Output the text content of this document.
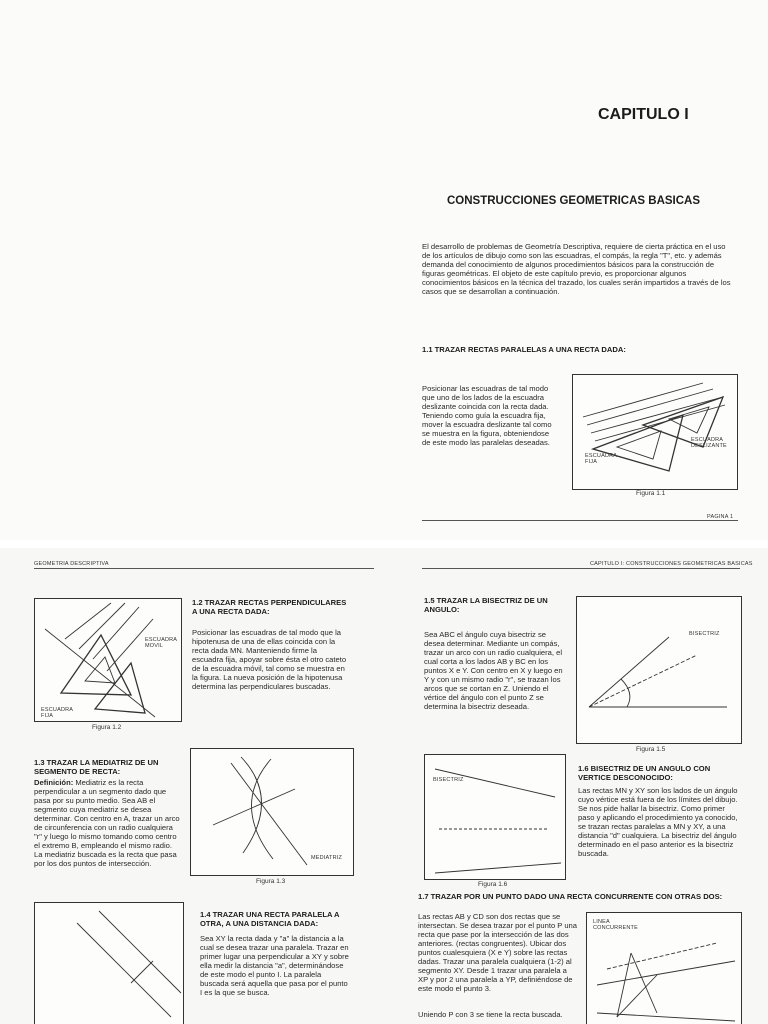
CAPITULO I
CONSTRUCCIONES GEOMETRICAS BASICAS
El desarrollo de problemas de Geometría Descriptiva, requiere de cierta práctica en el uso de los artículos de dibujo como son las escuadras, el compás, la regla "T", etc. y además demanda del conocimiento de algunos procedimientos básicos para la construcción de figuras geométricas. El objeto de este capítulo previo, es proporcionar algunos conocimientos básicos en la técnica del trazado, los cuales serán impartidos a través de los casos que se desarrollan a continuación.
1.1 TRAZAR RECTAS PARALELAS A UNA RECTA DADA:
Posicionar las escuadras de tal modo que uno de los lados de la escuadra deslizante coincida con la recta dada. Teniendo como guía la escuadra fija, mover la escuadra deslizante tal como se muestra en la figura, obteniendose de este modo las paralelas deseadas.	ESCUADRA DESLIZANTE
ESCUADRA FIJA
Figura 1.1
PAGINA 1
GEOMETRIA DESCRIPTIVA	CAPITULO I: CONSTRUCCIONES GEOMETRICAS BASICAS
ESCUADRA MOVIL
ESCUADRA FIJA
Figura 1.2
1.2 TRAZAR RECTAS PERPENDICULARES A UNA RECTA DADA:
Posicionar las escuadras de tal modo que la hipotenusa de una de ellas coincida con la recta dada MN. Manteniendo firme la escuadra fija, apoyar sobre ésta el otro cateto de la escuadra móvil, tal como se muestra en la figura. La nueva posición de la hipotenusa determina las perpendiculares buscadas.
1.3 TRAZAR LA MEDIATRIZ DE UN SEGMENTO DE RECTA:
Definición: Mediatriz es la recta perpendicular a un segmento dado que pasa por su punto medio. Sea AB el segmento cuya mediatriz se desea determinar. Con centro en A, trazar un arco de circunferencia con un radio cualquiera "r" y luego lo mismo tomando como centro el extremo B, empleando el mismo radio. La mediatriz buscada es la recta que pasa por los dos puntos de intersección.
MEDIATRIZ
Figura 1.3
1.4 TRAZAR UNA RECTA PARALELA A OTRA, A UNA DISTANCIA DADA:
Sea XY la recta dada y "a" la distancia a la cual se desea trazar una paralela. Trazar en primer lugar una perpendicular a XY y sobre ella medir la distancia "a", determinándose de este modo el punto I. La paralela buscada será aquella que pasa por el punto I es la que se busca.
1.5 TRAZAR LA BISECTRIZ DE UN ANGULO:
Sea ABC el ángulo cuya bisectriz se desea determinar. Mediante un compás, trazar un arco con un radio cualquiera, el cual corta a los lados AB y BC en los puntos X e Y. Con centro en X y luego en Y y con un mismo radio "r", se trazan los arcos que se cortan en Z. Uniendo el vértice del ángulo con el punto Z se determina la bisectriz deseada.
BISECTRIZ
Figura 1.5
BISECTRIZ
Figura 1.6
1.6 BISECTRIZ DE UN ANGULO CON VERTICE DESCONOCIDO:
Las rectas MN y XY son los lados de un ángulo cuyo vértice está fuera de los límites del dibujo. Se nos pide hallar la bisectriz. Como primer paso y aplicando el procedimiento ya conocido, se trazan rectas paralelas a MN y XY, a una distancia "d" cualquiera. La bisectriz del ángulo determinado en el paso anterior es la bisectriz buscada.
1.7 TRAZAR POR UN PUNTO DADO UNA RECTA CONCURRENTE CON OTRAS DOS:
Las rectas AB y CD son dos rectas que se intersectan. Se desea trazar por el punto P una recta que pase por la intersección de las dos anteriores. (rectas congruentes). Ubicar dos puntos cualesquiera (X e Y) sobre las rectas dadas. Trazar una paralela cualquiera (1-2) al segmento XY. Desde 1 trazar una paralela a XP y por 2 una paralela a YP, definiéndose de este modo el punto 3.
Uniendo P con 3 se tiene la recta buscada.
LINEA CONCURRENTE
